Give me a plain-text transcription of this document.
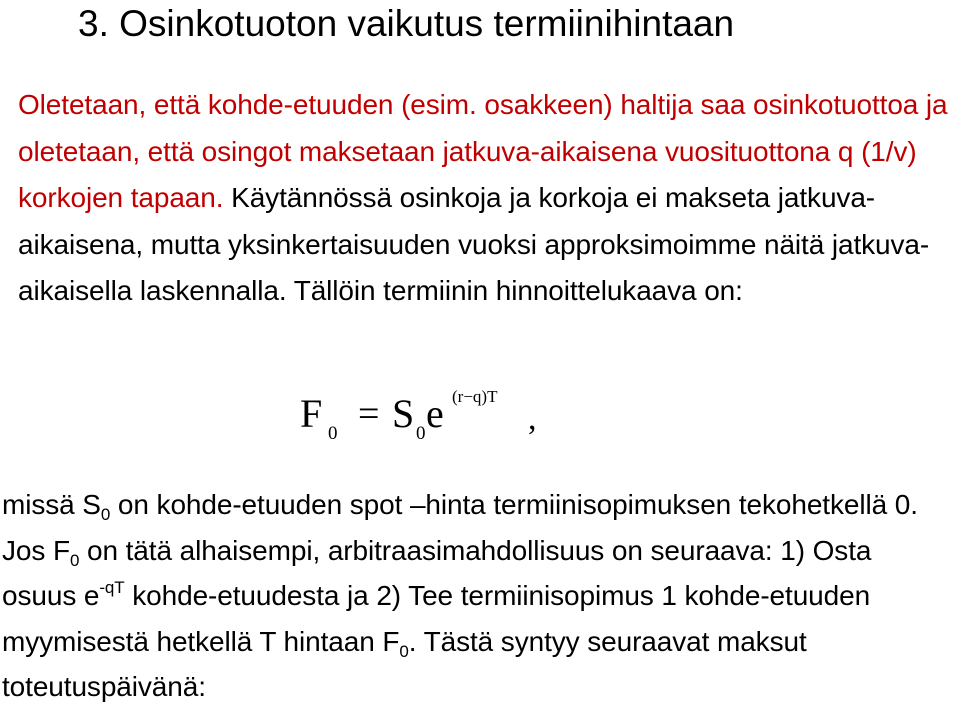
3. Osinkotuoton vaikutus termiinihintaan

Oletetaan, että kohde-etuuden (esim. osakkeen) haltija saa osinkotuottoa ja oletetaan, että osingot maksetaan jatkuva-aikaisena vuosituottona q (1/v) korkojen tapaan. Käytännössä osinkoja ja korkoja ei makseta jatkuva-aikaisena, mutta yksinkertaisuuden vuoksi approksimoimme näitä jatkuva-aikaisella laskennalla. Tällöin termiinin hinnoittelukaava on:

F 0 = S 0 e (r−q)T
,

missä $S_0$ on kohde-etuuden spot –hinta termiinisopimuksen tekohetkellä 0. Jos $F_0$ on tätä alhaisempi, arbitraasimahdollisuus on seuraava: 1) Osta osuus $e^{-qT}$ kohde-etuudesta ja 2) Tee termiinisopimus 1 kohde-etuuden myymisestä hetkellä T hintaan $F_0$. Tästä syntyy seuraavat maksut toteutuspäivänä:
